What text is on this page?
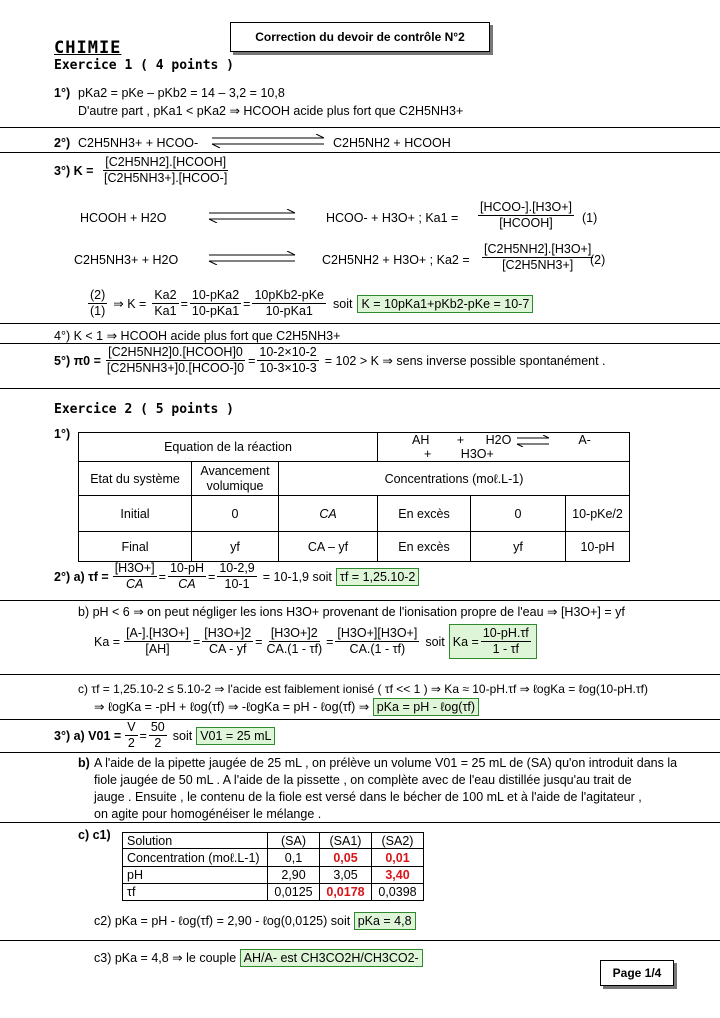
Correction du devoir de contrôle N°2
CHIMIE
Exercice 1 ( 4 points )
1°) pKa2 = pKe – pKb2 = 14 – 3,2 = 10,8
D'autre part , pKa1 < pKa2 ⇒ HCOOH acide plus fort que C2H5NH3+
2°) C2H5NH3+ + HCOO-	C2H5NH2 + HCOOH
3°) $K = \frac{\text{[C2H5NH2].[HCOOH]}}{\text{[C2H5NH3+].[HCOO-]}}$
HCOOH + H2O	HCOO- + H3O+ ; $Ka1 = \frac{\text{[HCOO-].[H3O+]}}{\text{[HCOOH]}} (1)$
C2H5NH3+ + H2O	C2H5NH2 + H3O+ ; $Ka2 = \frac{[C2H5NH2].[H3O+]}{[C2H5NH3+]}$
(2)
$\frac{(2)}{(1)}$ ⇒ $K = \frac{Ka2}{Ka1} = \frac{\text{10-pKa2}}{\text{10-pKa1}} = \frac{\text{10pKb2-pKe}}{\text{10-pKa1}}$ soit K = 10pKa1+pKb2-pKe = 10-7
4°) K < 1 ⇒ HCOOH acide plus fort que C2H5NH3+
5°) $\pi 0 = \frac{\text{[C2H5NH2]0.[HCOOH]0}}{\text{[C2H5NH3+]0.[HCOO-]0}} = \frac{10-2\times 10-2}{10-3\times 10-3} = 102 > K$ ⇒ sens inverse possible spontanément .
Exercice 2 ( 5 points )
1°)
Equation de la réaction			AH + H2O ⇌ A- + H3O+		
Etat du système	Avancement volumique	Concentrations (moℓ.L-1)			
Initial	0	CA	En excès	0	10-pKe/2
Final	yf	CA – yf	En excès	yf	10-pH
2°) a) $\tau f = \frac{[H3O+]}{CA} = \frac{10-pH}{CA} = \frac{10-2,9}{10-1} = 10-1,9$ soit τf = 1,25.10-2
b) pH < 6 ⇒ on peut négliger les ions H3O+ provenant de l'ionisation propre de l'eau ⇒ [H3O+] = yf
$Ka = \frac{[A-].[H3O+]}{[AH]} = \frac{[H3O+]2}{CA - yf} = \frac{[H3O+]2}{CA.(1 - \tau f)} = \frac{[H3O+][H3O+]}{CA.(1 - \tau f)}$ soit $Ka = \frac{10-pH.\tau f}{1 - \tau f}$
c) τf = 1,25.10-2 ≤ 5.10-2 ⇒ l'acide est faiblement ionisé ( τf << 1 ) ⇒ Ka ≈ 10-pH.τf ⇒ ℓogKa = ℓog(10-pH.τf)
⇒ ℓogKa = -pH + ℓog(τf) ⇒ -ℓogKa = pH - ℓog(τf) ⇒ pKa = pH - ℓog(τf)
3°) a) $V01 = \frac{V}{2} = \frac{50}{2}$ soit V01 = 25 mL
b) A l'aide de la pipette jaugée de 25 mL , on prélève un volume V01 = 25 mL de (SA) qu'on introduit dans la
fiole jaugée de 50 mL . A l'aide de la pissette , on complète avec de l'eau distillée jusqu'au trait de
jauge . Ensuite , le contenu de la fiole est versé dans le bécher de 100 mL et à l'aide de l'agitateur ,
on agite pour homogénéiser le mélange .
c) c1) Solution	(SA)	(SA1)	(SA2)
Concentration (moℓ.L-1)	0,1	0,05	0,01
pH	2,90	3,05	3,40
τf	0,0125	0,0178	0,0398
c2) pKa = pH - ℓog(τf) = 2,90 - ℓog(0,0125) soit pKa = 4,8
c3) pKa = 4,8 ⇒ le couple AH/A- est CH3CO2H/CH3CO2-
Page 1/4
